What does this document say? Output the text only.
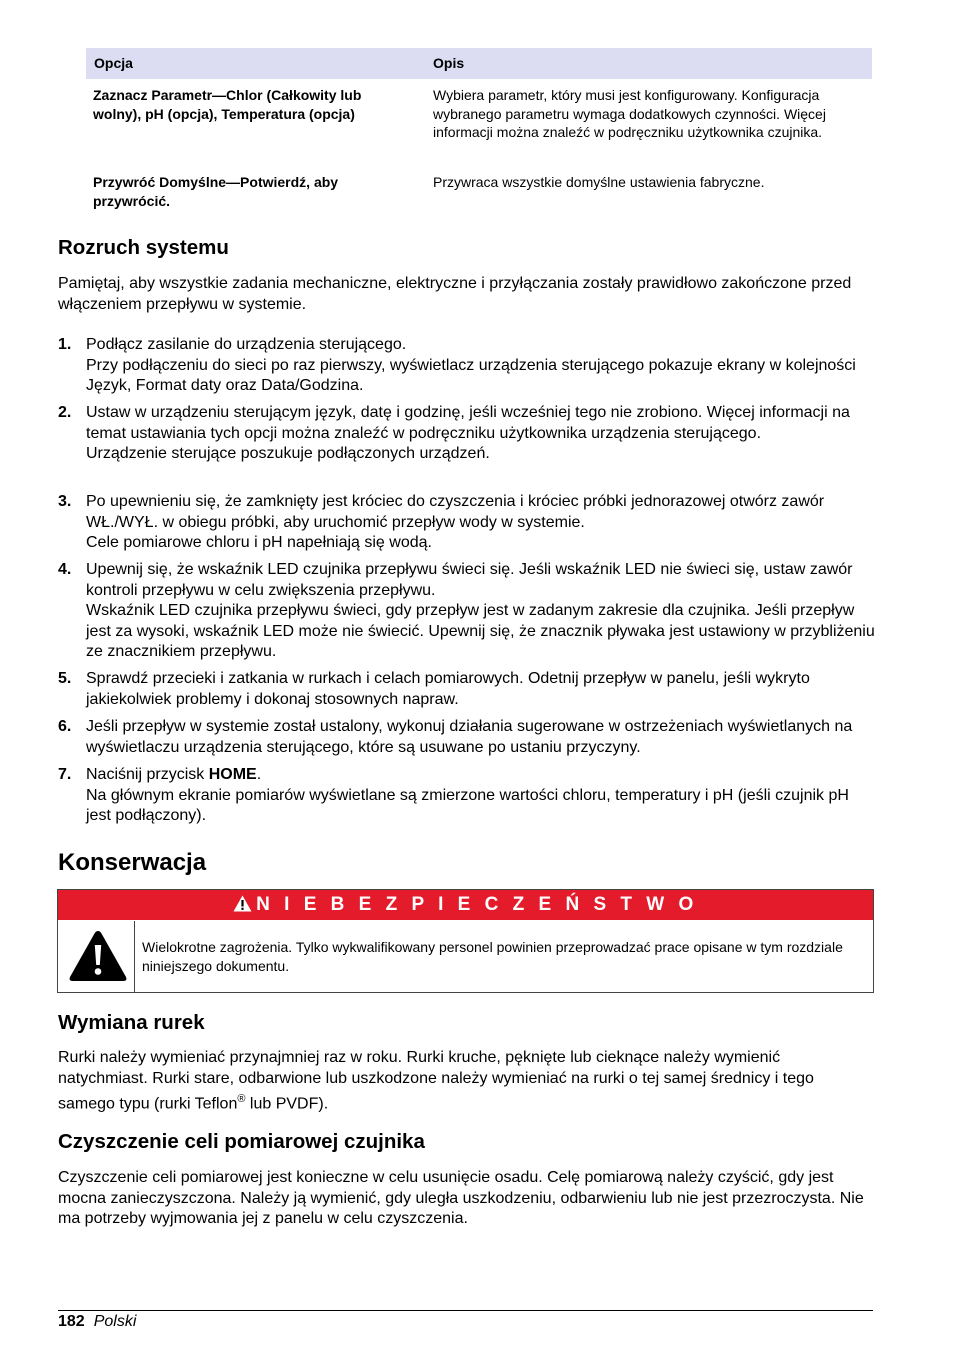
Opcja	Opis
Zaznacz Parametr—Chlor (Całkowity lub wolny), pH (opcja), Temperatura (opcja)
Wybiera parametr, który musi jest konfigurowany. Konfiguracja wybranego parametru wymaga dodatkowych czynności. Więcej informacji można znaleźć w podręczniku użytkownika czujnika.
Przywróć Domyślne—Potwierdź, aby przywrócić.
Przywraca wszystkie domyślne ustawienia fabryczne.
Rozruch systemu

Pamiętaj, aby wszystkie zadania mechaniczne, elektryczne i przyłączania zostały prawidłowo zakończone przed włączeniem przepływu w systemie.

1. Podłącz zasilanie do urządzenia sterującego.
Przy podłączeniu do sieci po raz pierwszy, wyświetlacz urządzenia sterującego pokazuje ekrany w kolejności Język, Format daty oraz Data/Godzina.
2. Ustaw w urządzeniu sterującym język, datę i godzinę, jeśli wcześniej tego nie zrobiono. Więcej informacji na temat ustawiania tych opcji można znaleźć w podręczniku użytkownika urządzenia sterującego.
Urządzenie sterujące poszukuje podłączonych urządzeń.
3. Po upewnieniu się, że zamknięty jest króciec do czyszczenia i króciec próbki jednorazowej otwórz zawór WŁ./WYŁ. w obiegu próbki, aby uruchomić przepływ wody w systemie.
Cele pomiarowe chloru i pH napełniają się wodą.
4. Upewnij się, że wskaźnik LED czujnika przepływu świeci się. Jeśli wskaźnik LED nie świeci się, ustaw zawór kontroli przepływu w celu zwiększenia przepływu.
Wskaźnik LED czujnika przepływu świeci, gdy przepływ jest w zadanym zakresie dla czujnika. Jeśli przepływ jest za wysoki, wskaźnik LED może nie świecić. Upewnij się, że znacznik pływaka jest ustawiony w przybliżeniu ze znacznikiem przepływu.
5. Sprawdź przecieki i zatkania w rurkach i celach pomiarowych. Odetnij przepływ w panelu, jeśli wykryto jakiekolwiek problemy i dokonaj stosownych napraw.
6. Jeśli przepływ w systemie został ustalony, wykonuj działania sugerowane w ostrzeżeniach wyświetlanych na wyświetlaczu urządzenia sterującego, które są usuwane po ustaniu przyczyny.
7. Naciśnij przycisk HOME.
Na głównym ekranie pomiarów wyświetlane są zmierzone wartości chloru, temperatury i pH (jeśli czujnik pH jest podłączony).
Konserwacja
N I E B E Z P I E C Z E Ń S T W O
Wielokrotne zagrożenia. Tylko wykwalifikowany personel powinien przeprowadzać prace opisane w tym rozdziale niniejszego dokumentu.
Wymiana rurek

Rurki należy wymieniać przynajmniej raz w roku. Rurki kruche, pęknięte lub cieknące należy wymienić natychmiast. Rurki stare, odbarwione lub uszkodzone należy wymieniać na rurki o tej samej średnicy i tego samego typu (rurki Teflon® lub PVDF).

Czyszczenie celi pomiarowej czujnika

Czyszczenie celi pomiarowej jest konieczne w celu usunięcie osadu. Celę pomiarową należy czyścić, gdy jest mocna zanieczyszczona. Należy ją wymienić, gdy uległa uszkodzeniu, odbarwieniu lub nie jest przezroczysta. Nie ma potrzeby wyjmowania jej z panelu w celu czyszczenia.

182 Polski
